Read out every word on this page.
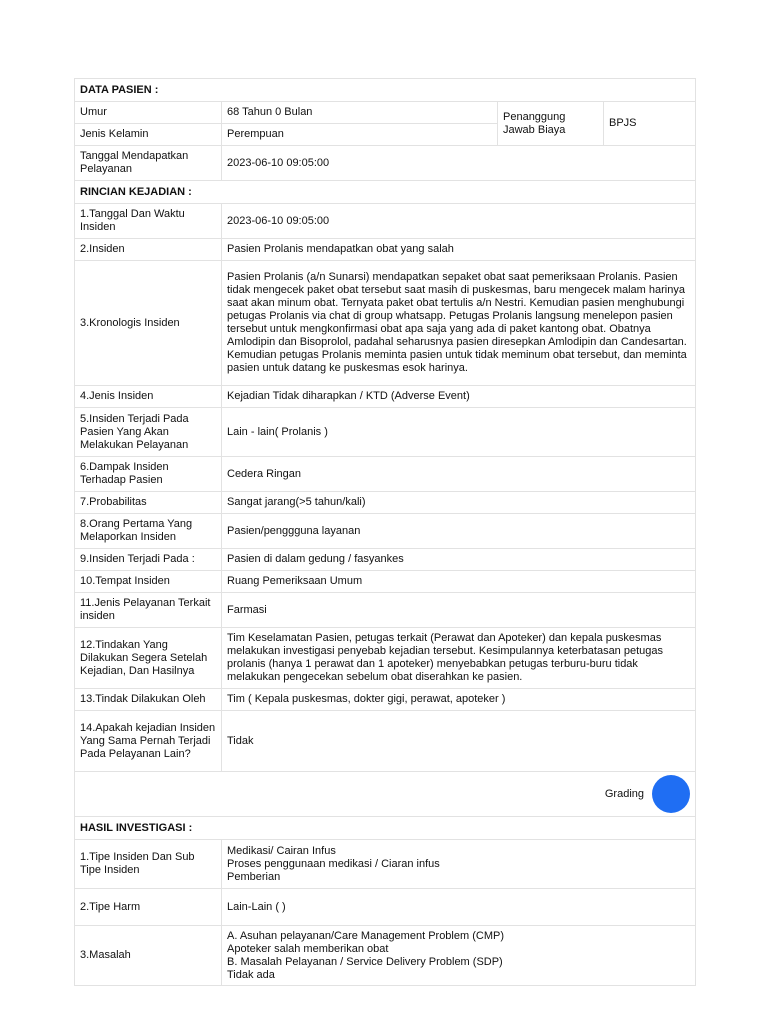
DATA PASIEN :			
Umur	68 Tahun 0 Bulan	Penanggung Jawab Biaya	BPJS
Jenis Kelamin	Perempuan		
Tanggal Mendapatkan Pelayanan	2023-06-10 09:05:00		
RINCIAN KEJADIAN :			
1.Tanggal Dan Waktu Insiden	2023-06-10 09:05:00		
2.Insiden	Pasien Prolanis mendapatkan obat yang salah		
3.Kronologis Insiden	Pasien Prolanis (a/n Sunarsi) mendapatkan sepaket obat saat pemeriksaan Prolanis. Pasien tidak mengecek paket obat tersebut saat masih di puskesmas, baru mengecek malam harinya saat akan minum obat. Ternyata paket obat tertulis a/n Nestri. Kemudian pasien menghubungi petugas Prolanis via chat di group whatsapp. Petugas Prolanis langsung menelepon pasien tersebut untuk mengkonfirmasi obat apa saja yang ada di paket kantong obat. Obatnya Amlodipin dan Bisoprolol, padahal seharusnya pasien diresepkan Amlodipin dan Candesartan. Kemudian petugas Prolanis meminta pasien untuk tidak meminum obat tersebut, dan meminta pasien untuk datang ke puskesmas esok harinya.		
4.Jenis Insiden	Kejadian Tidak diharapkan / KTD (Adverse Event)		
5.Insiden Terjadi Pada Pasien Yang Akan Melakukan Pelayanan	Lain - lain( Prolanis )		
6.Dampak Insiden Terhadap Pasien	Cedera Ringan		
7.Probabilitas	Sangat jarang(>5 tahun/kali)		
8.Orang Pertama Yang Melaporkan Insiden	Pasien/penggguna layanan		
9.Insiden Terjadi Pada :	Pasien di dalam gedung / fasyankes		
10.Tempat Insiden	Ruang Pemeriksaan Umum		
11.Jenis Pelayanan Terkait insiden	Farmasi		
12.Tindakan Yang Dilakukan Segera Setelah Kejadian, Dan Hasilnya	Tim Keselamatan Pasien, petugas terkait (Perawat dan Apoteker) dan kepala puskesmas melakukan investigasi penyebab kejadian tersebut. Kesimpulannya keterbatasan petugas prolanis (hanya 1 perawat dan 1 apoteker) menyebabkan petugas terburu-buru tidak melakukan pengecekan sebelum obat diserahkan ke pasien.		
13.Tindak Dilakukan Oleh	Tim ( Kepala puskesmas, dokter gigi, perawat, apoteker )		
14.Apakah kejadian Insiden Yang Sama Pernah Terjadi Pada Pelayanan Lain?	Tidak		

Grading			

HASIL INVESTIGASI :			
1.Tipe Insiden Dan Sub Tipe Insiden	Medikasi/ Cairan Infus
Proses penggunaan medikasi / Ciaran infus
Pemberian		
2.Tipe Harm	Lain-Lain ( )		
3.Masalah	A. Asuhan pelayanan/Care Management Problem (CMP)
Apoteker salah memberikan obat
B. Masalah Pelayanan / Service Delivery Problem (SDP)
Tidak ada		
